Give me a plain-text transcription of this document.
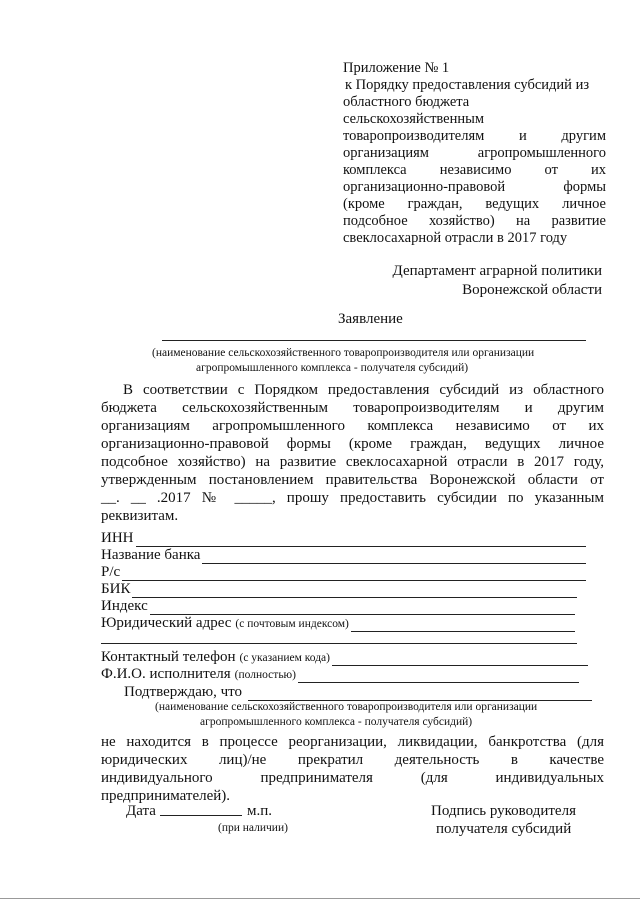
Приложение № 1
к Порядку предоставления субсидий из
областного бюджета
сельскохозяйственным
товаропроизводителям и другим
организациям агропромышленного
комплекса независимо от их
организационно-правовой формы
(кроме граждан, ведущих личное
подсобное хозяйство) на развитие
свеклосахарной отрасли в 2017 году
Департамент аграрной политики
Воронежской области
Заявление
(наименование сельскохозяйственного товаропроизводителя или организации
агропромышленного комплекса - получателя субсидий)
В соответствии с Порядком предоставления субсидий из областного
бюджета сельскохозяйственным товаропроизводителям и другим
организациям агропромышленного комплекса независимо от их
организационно-правовой формы (кроме граждан, ведущих личное
подсобное хозяйство) на развитие свеклосахарной отрасли в 2017 году,
утвержденным постановлением правительства Воронежской области от
__. __ .2017 № _____, прошу предоставить субсидии по указанным
реквизитам.
ИНН
Название банка
Р/с
БИК
Индекс
Юридический адрес (с почтовым индексом)
Контактный телефон (с указанием кода)
Ф.И.О. исполнителя (полностью)
Подтверждаю, что
(наименование сельскохозяйственного товаропроизводителя или организации
агропромышленного комплекса - получателя субсидий)
не находится в процессе реорганизации, ликвидации, банкротства (для
юридических лиц)/не прекратил деятельность в качестве
индивидуального предпринимателя (для индивидуальных
предпринимателей).
Дата	м.п.
(при наличии)
Подпись руководителя
получателя субсидий
